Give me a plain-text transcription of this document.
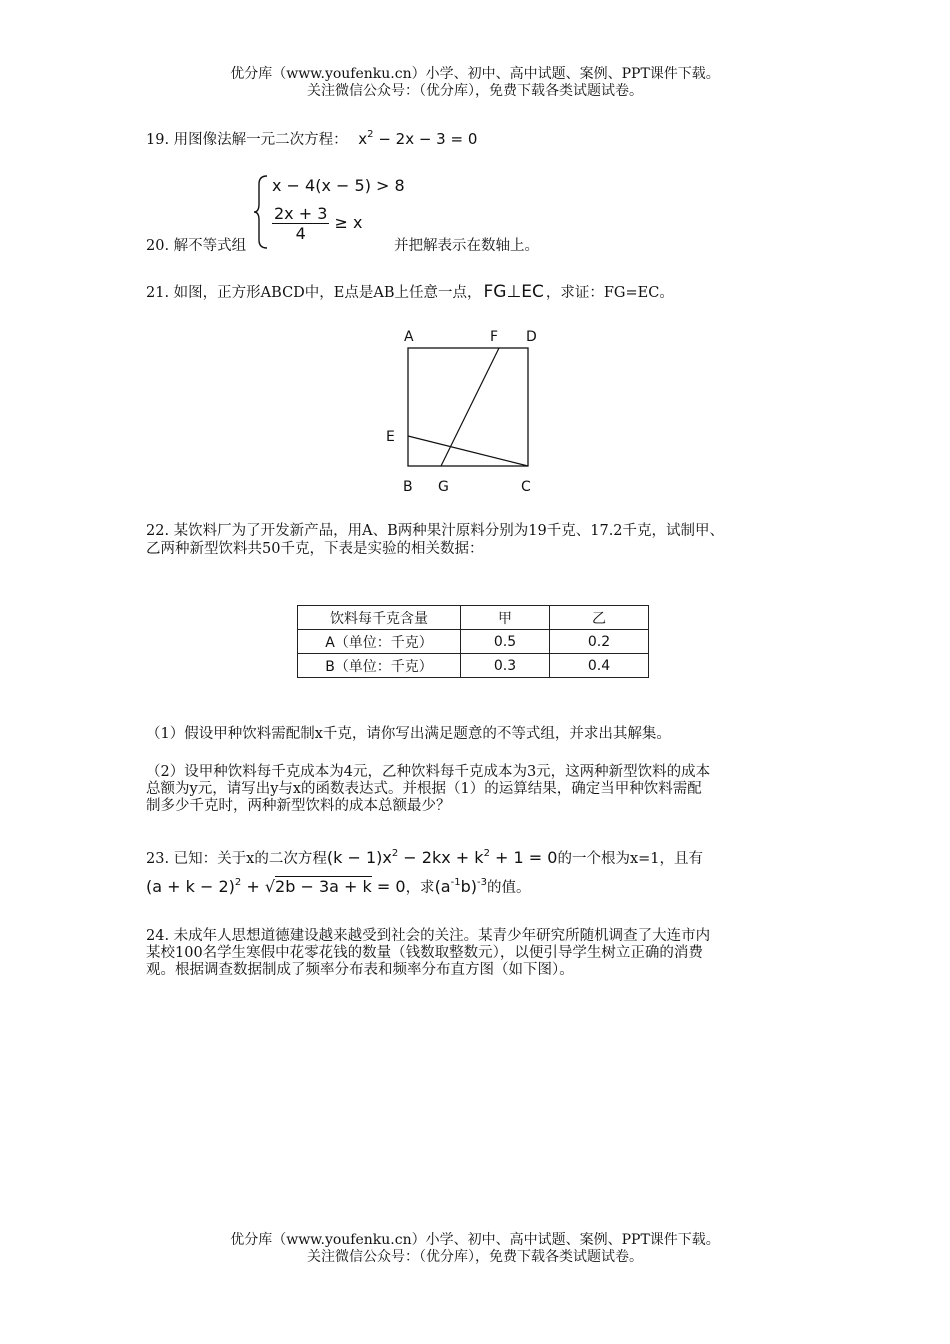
优分库（www.youfenku.cn）小学、初中、高中试题、案例、PPT课件下载。
关注微信公众号：（优分库），免费下载各类试题试卷。
19. 用图像法解一元二次方程： $x^2 - 2x - 3 = 0$
20. 解不等式组
x − 4(x − 5) > 8
$\frac{2x + 3}{4} \ge x$
并把解表示在数轴上。
21. 如图，正方形ABCD中，E点是AB上任意一点， FG⊥EC ，求证：FG=EC。
A	F D
E
B G	C
22. 某饮料厂为了开发新产品，用A、B两种果汁原料分别为19千克、17.2千克，试制甲、
乙两种新型饮料共50千克，下表是实验的相关数据：
饮料每千克含量	甲	乙
A（单位：千克）	0.5	0.2
B（单位：千克）	0.3	0.4
（1）假设甲种饮料需配制x千克，请你写出满足题意的不等式组，并求出其解集。
（2）设甲种饮料每千克成本为4元，乙种饮料每千克成本为3元，这两种新型饮料的成本
总额为y元，请写出y与x的函数表达式。并根据（1）的运算结果，确定当甲种饮料需配
制多少千克时，两种新型饮料的成本总额最少？
23. 已知：关于x的二次方程$(k - 1)x^2 - 2kx + k^2 + 1 = 0$的一个根为x=1，且有
$(a + k - 2)^2 + √2b - 3a + k = 0$，求$(a^{-1}b)^{-3}$的值。
24. 未成年人思想道德建设越来越受到社会的关注。某青少年研究所随机调查了大连市内
某校100名学生寒假中花零花钱的数量（钱数取整数元），以便引导学生树立正确的消费
观。根据调查数据制成了频率分布表和频率分布直方图（如下图）。
优分库（www.youfenku.cn）小学、初中、高中试题、案例、PPT课件下载。
关注微信公众号：（优分库），免费下载各类试题试卷。
